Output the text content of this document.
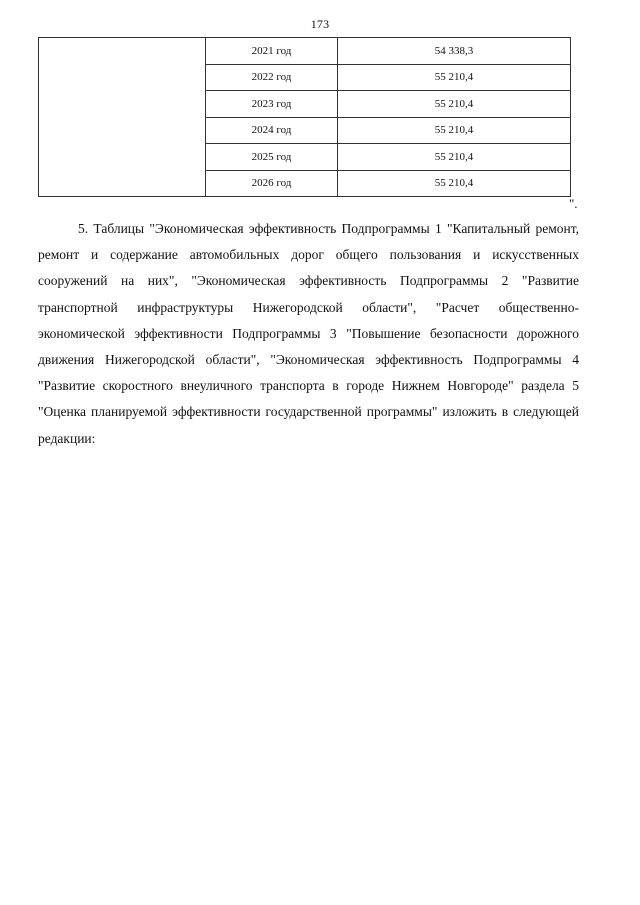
173
	2021 год	54 338,3
	2022 год	55 210,4
	2023 год	55 210,4
	2024 год	55 210,4
	2025 год	55 210,4
	2026 год	55 210,4
".

5. Таблицы "Экономическая эффективность Подпрограммы 1 "Капитальный ремонт, ремонт и содержание автомобильных дорог общего пользования и искусственных сооружений на них", "Экономическая эффективность Подпрограммы 2 "Развитие транспортной инфраструктуры Нижегородской области", "Расчет общественно-экономической эффективности Подпрограммы 3 "Повышение безопасности дорожного движения Нижегородской области", "Экономическая эффективность Подпрограммы 4 "Развитие скоростного внеуличного транспорта в городе Нижнем Новгороде" раздела 5 "Оценка планируемой эффективности государственной программы" изложить в следующей редакции:
